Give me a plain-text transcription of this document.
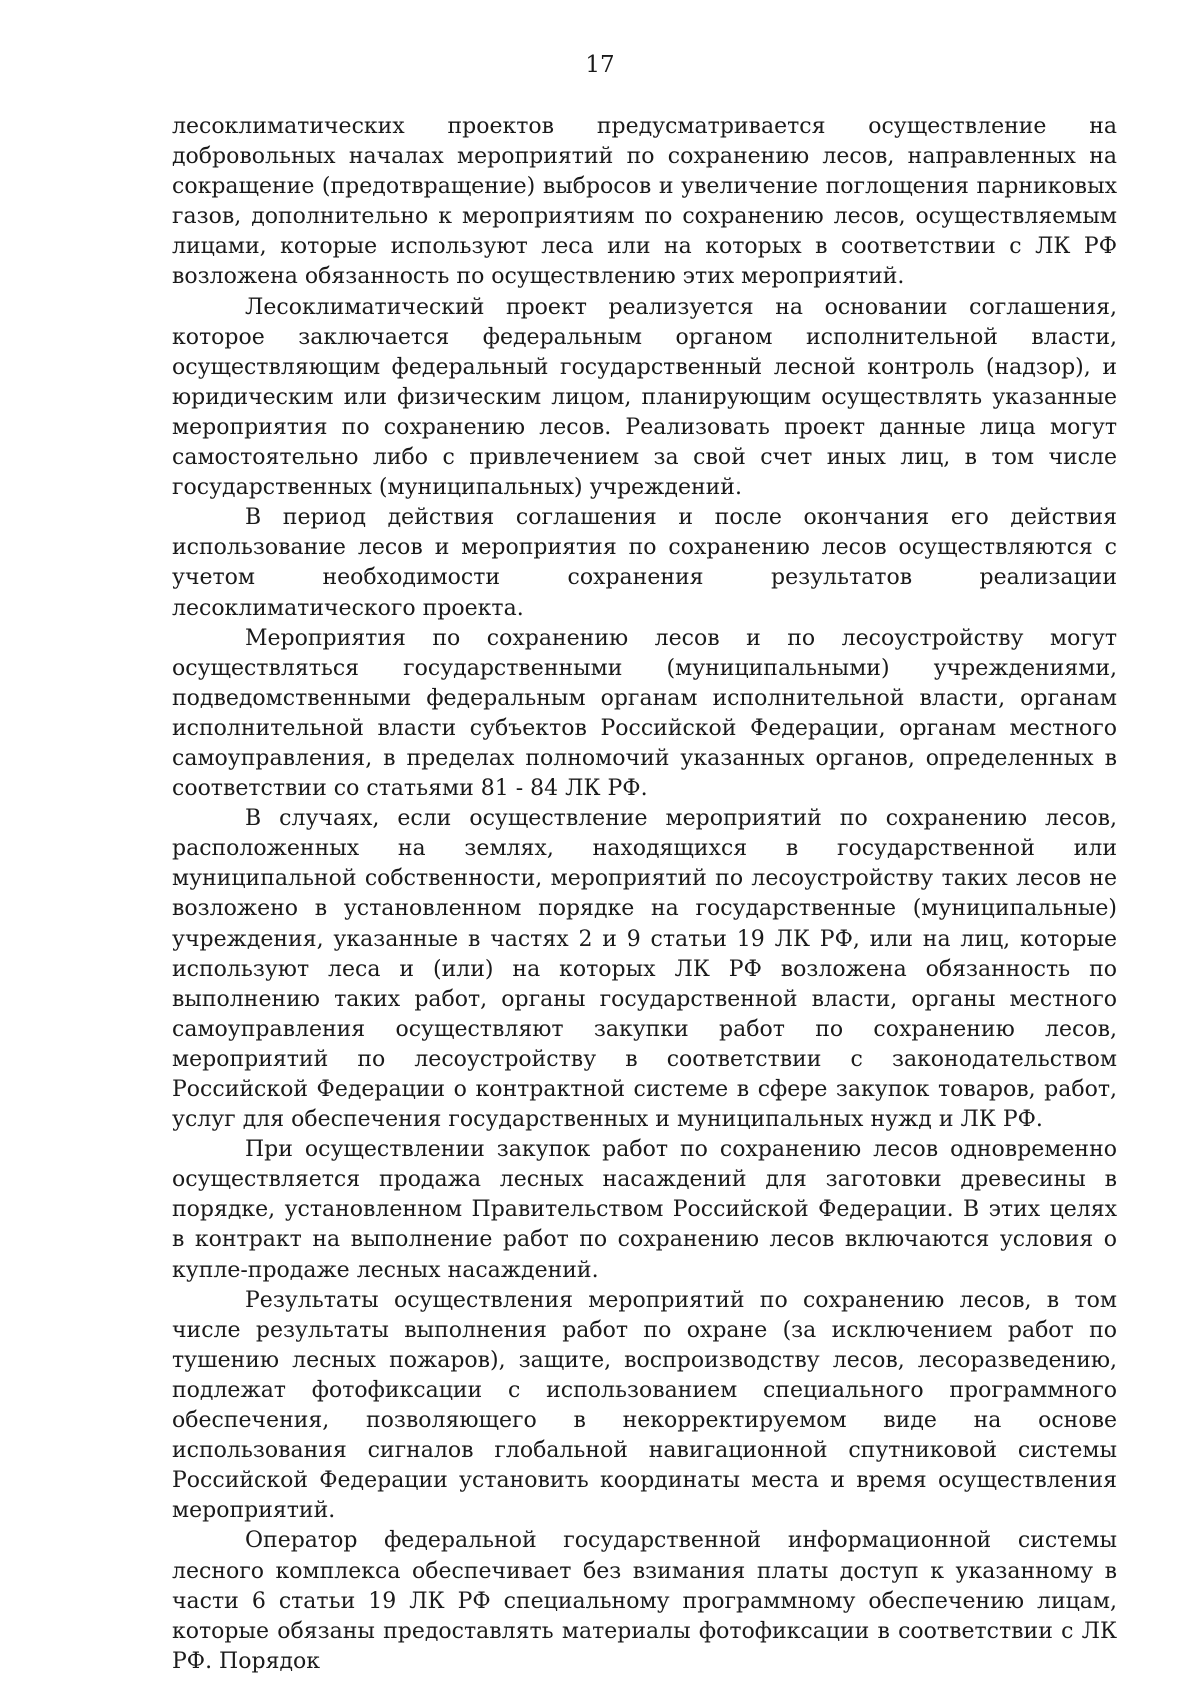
17

лесоклиматических проектов предусматривается осуществление на добровольных началах мероприятий по сохранению лесов, направленных на сокращение (предотвращение) выбросов и увеличение поглощения парниковых газов, дополнительно к мероприятиям по сохранению лесов, осуществляемым лицами, которые используют леса или на которых в соответствии с ЛК РФ возложена обязанность по осуществлению этих мероприятий.

Лесоклиматический проект реализуется на основании соглашения, которое заключается федеральным органом исполнительной власти, осуществляющим федеральный государственный лесной контроль (надзор), и юридическим или физическим лицом, планирующим осуществлять указанные мероприятия по сохранению лесов. Реализовать проект данные лица могут самостоятельно либо с привлечением за свой счет иных лиц, в том числе государственных (муниципальных) учреждений.

В период действия соглашения и после окончания его действия использование лесов и мероприятия по сохранению лесов осуществляются с учетом необходимости сохранения результатов реализации лесоклиматического проекта.

Мероприятия по сохранению лесов и по лесоустройству могут осуществляться государственными (муниципальными) учреждениями, подведомственными федеральным органам исполнительной власти, органам исполнительной власти субъектов Российской Федерации, органам местного самоуправления, в пределах полномочий указанных органов, определенных в соответствии со статьями 81 - 84 ЛК РФ.

В случаях, если осуществление мероприятий по сохранению лесов, расположенных на землях, находящихся в государственной или муниципальной собственности, мероприятий по лесоустройству таких лесов не возложено в установленном порядке на государственные (муниципальные) учреждения, указанные в частях 2 и 9 статьи 19 ЛК РФ, или на лиц, которые используют леса и (или) на которых ЛК РФ возложена обязанность по выполнению таких работ, органы государственной власти, органы местного самоуправления осуществляют закупки работ по сохранению лесов, мероприятий по лесоустройству в соответствии с законодательством Российской Федерации о контрактной системе в сфере закупок товаров, работ, услуг для обеспечения государственных и муниципальных нужд и ЛК РФ.

При осуществлении закупок работ по сохранению лесов одновременно осуществляется продажа лесных насаждений для заготовки древесины в порядке, установленном Правительством Российской Федерации. В этих целях в контракт на выполнение работ по сохранению лесов включаются условия о купле-продаже лесных насаждений.

Результаты осуществления мероприятий по сохранению лесов, в том числе результаты выполнения работ по охране (за исключением работ по тушению лесных пожаров), защите, воспроизводству лесов, лесоразведению, подлежат фотофиксации с использованием специального программного обеспечения, позволяющего в некорректируемом виде на основе использования сигналов глобальной навигационной спутниковой системы Российской Федерации установить координаты места и время осуществления мероприятий.

Оператор федеральной государственной информационной системы лесного комплекса обеспечивает без взимания платы доступ к указанному в части 6 статьи 19 ЛК РФ специальному программному обеспечению лицам, которые обязаны предоставлять материалы фотофиксации в соответствии с ЛК РФ. Порядок
